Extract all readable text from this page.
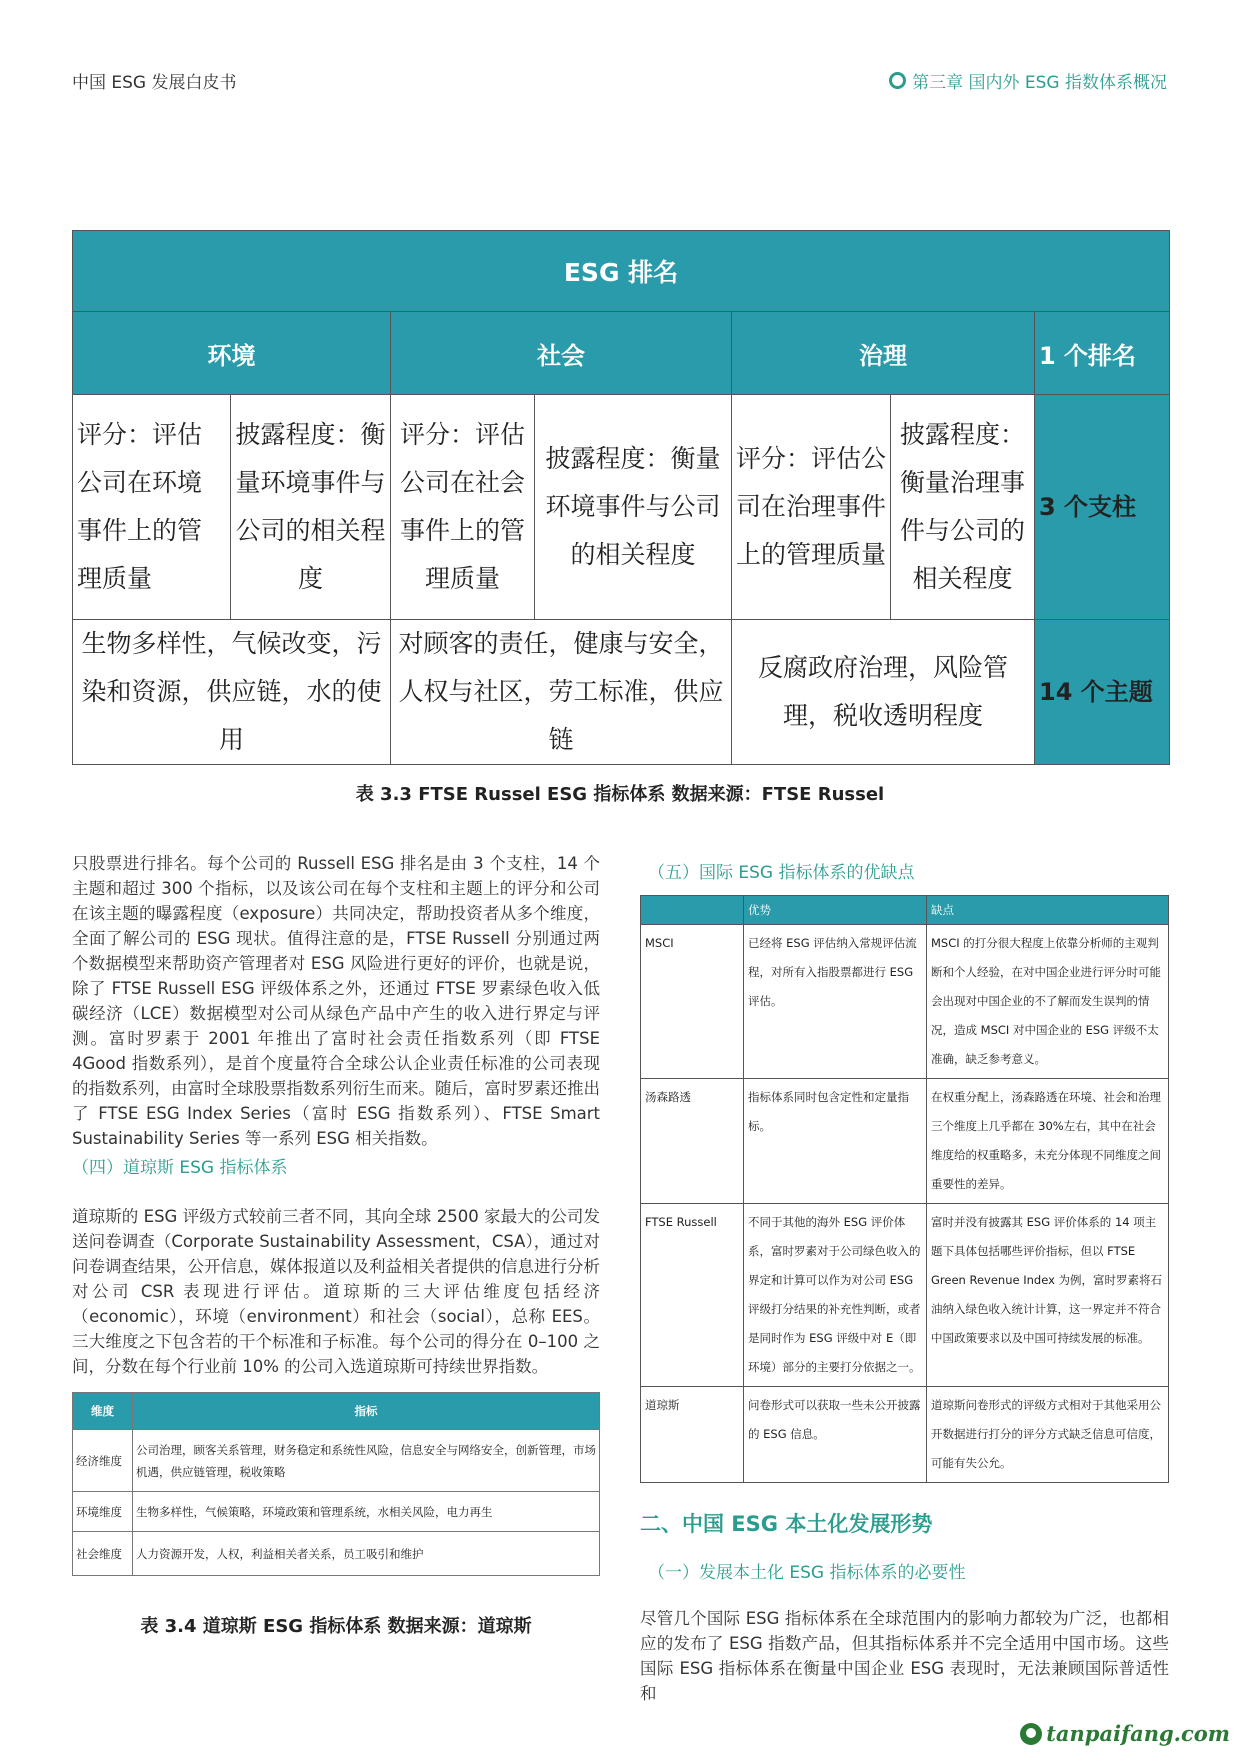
中国 ESG 发展白皮书	第三章 国内外 ESG 指数体系概况
ESG 排名						
环境		社会		治理		1 个排名
评分：评估公司在环境事件上的管理质量	披露程度：衡量环境事件与公司的相关程度	评分：评估公司在社会事件上的管理质量	披露程度：衡量环境事件与公司的相关程度	评分：评估公司在治理事件上的管理质量	披露程度：衡量治理事件与公司的相关程度	3 个支柱
生物多样性，气候改变，污染和资源，供应链，水的使用		对顾客的责任，健康与安全，人权与社区，劳工标准，供应链		反腐政府治理，风险管理，税收透明程度		14 个主题
表 3.3 FTSE Russel ESG 指标体系 数据来源：FTSE Russel

只股票进行排名。每个公司的 Russell ESG 排名是由 3 个支柱，14 个主题和超过 300 个指标，以及该公司在每个支柱和主题上的评分和公司在该主题的曝露程度（exposure）共同决定，帮助投资者从多个维度，全面了解公司的 ESG 现状。值得注意的是，FTSE Russell 分别通过两个数据模型来帮助资产管理者对 ESG 风险进行更好的评价，也就是说，除了 FTSE Russell ESG 评级体系之外，还通过 FTSE 罗素绿色收入低碳经济（LCE）数据模型对公司从绿色产品中产生的收入进行界定与评 测。富时罗素于 2001 年推出了富时社会责任指数系列（即 FTSE 4Good 指数系列），是首个度量符合全球公认企业责任标准的公司表现的指数系列，由富时全球股票指数系列衍生而来。随后，富时罗素还推出了 FTSE ESG Index Series（富时 ESG 指数系列）、FTSE Smart Sustainability Series 等一系列 ESG 相关指数。

（四）道琼斯 ESG 指标体系

道琼斯的 ESG 评级方式较前三者不同，其向全球 2500 家最大的公司发送问卷调查（Corporate Sustainability Assessment，CSA），通过对问卷调查结果，公开信息，媒体报道以及利益相关者提供的信息进行分析对公司 CSR 表现进行评估。道琼斯的三大评估维度包括经济（economic），环境（environment）和社会（social），总称 EES。三大维度之下包含若的干个标准和子标准。每个公司的得分在 0–100 之间，分数在每个行业前 10% 的公司入选道琼斯可持续世界指数。

维度	指标
经济维度	公司治理，顾客关系管理，财务稳定和系统性风险，信息安全与网络安全，创新管理，市场机遇，供应链管理，税收策略
环境维度	生物多样性，气候策略，环境政策和管理系统，水相关风险，电力再生
社会维度	人力资源开发，人权，利益相关者关系，员工吸引和维护
表 3.4 道琼斯 ESG 指标体系 数据来源：道琼斯
（五）国际 ESG 指标体系的优缺点
	优势	缺点
MSCI	已经将 ESG 评估纳入常规评估流程，对所有入指股票都进行 ESG 评估。	MSCI 的打分很大程度上依靠分析师的主观判断和个人经验，在对中国企业进行评分时可能会出现对中国企业的不了解而发生误判的情况，造成 MSCI 对中国企业的 ESG 评级不太准确，缺乏参考意义。
汤森路透	指标体系同时包含定性和定量指标。	在权重分配上，汤森路透在环境、社会和治理三个维度上几乎都在 30%左右，其中在社会维度给的权重略多，未充分体现不同维度之间重要性的差异。
FTSE Russell	不同于其他的海外 ESG 评价体系，富时罗素对于公司绿色收入的界定和计算可以作为对公司 ESG 评级打分结果的补充性判断，或者是同时作为 ESG 评级中对 E（即环境）部分的主要打分依据之一。	富时并没有披露其 ESG 评价体系的 14 项主题下具体包括哪些评价指标，但以 FTSE Green Revenue Index 为例，富时罗素将石油纳入绿色收入统计计算，这一界定并不符合中国政策要求以及中国可持续发展的标准。
道琼斯	问卷形式可以获取一些未公开披露的 ESG 信息。	道琼斯问卷形式的评级方式相对于其他采用公开数据进行打分的评分方式缺乏信息可信度，可能有失公允。
二、中国 ESG 本土化发展形势
（一）发展本土化 ESG 指标体系的必要性

尽管几个国际 ESG 指标体系在全球范围内的影响力都较为广泛，也都相应的发布了 ESG 指数产品，但其指标体系并不完全适用中国市场。这些国际 ESG 指标体系在衡量中国企业 ESG 表现时，无法兼顾国际普适性和

tanpaifang.com
